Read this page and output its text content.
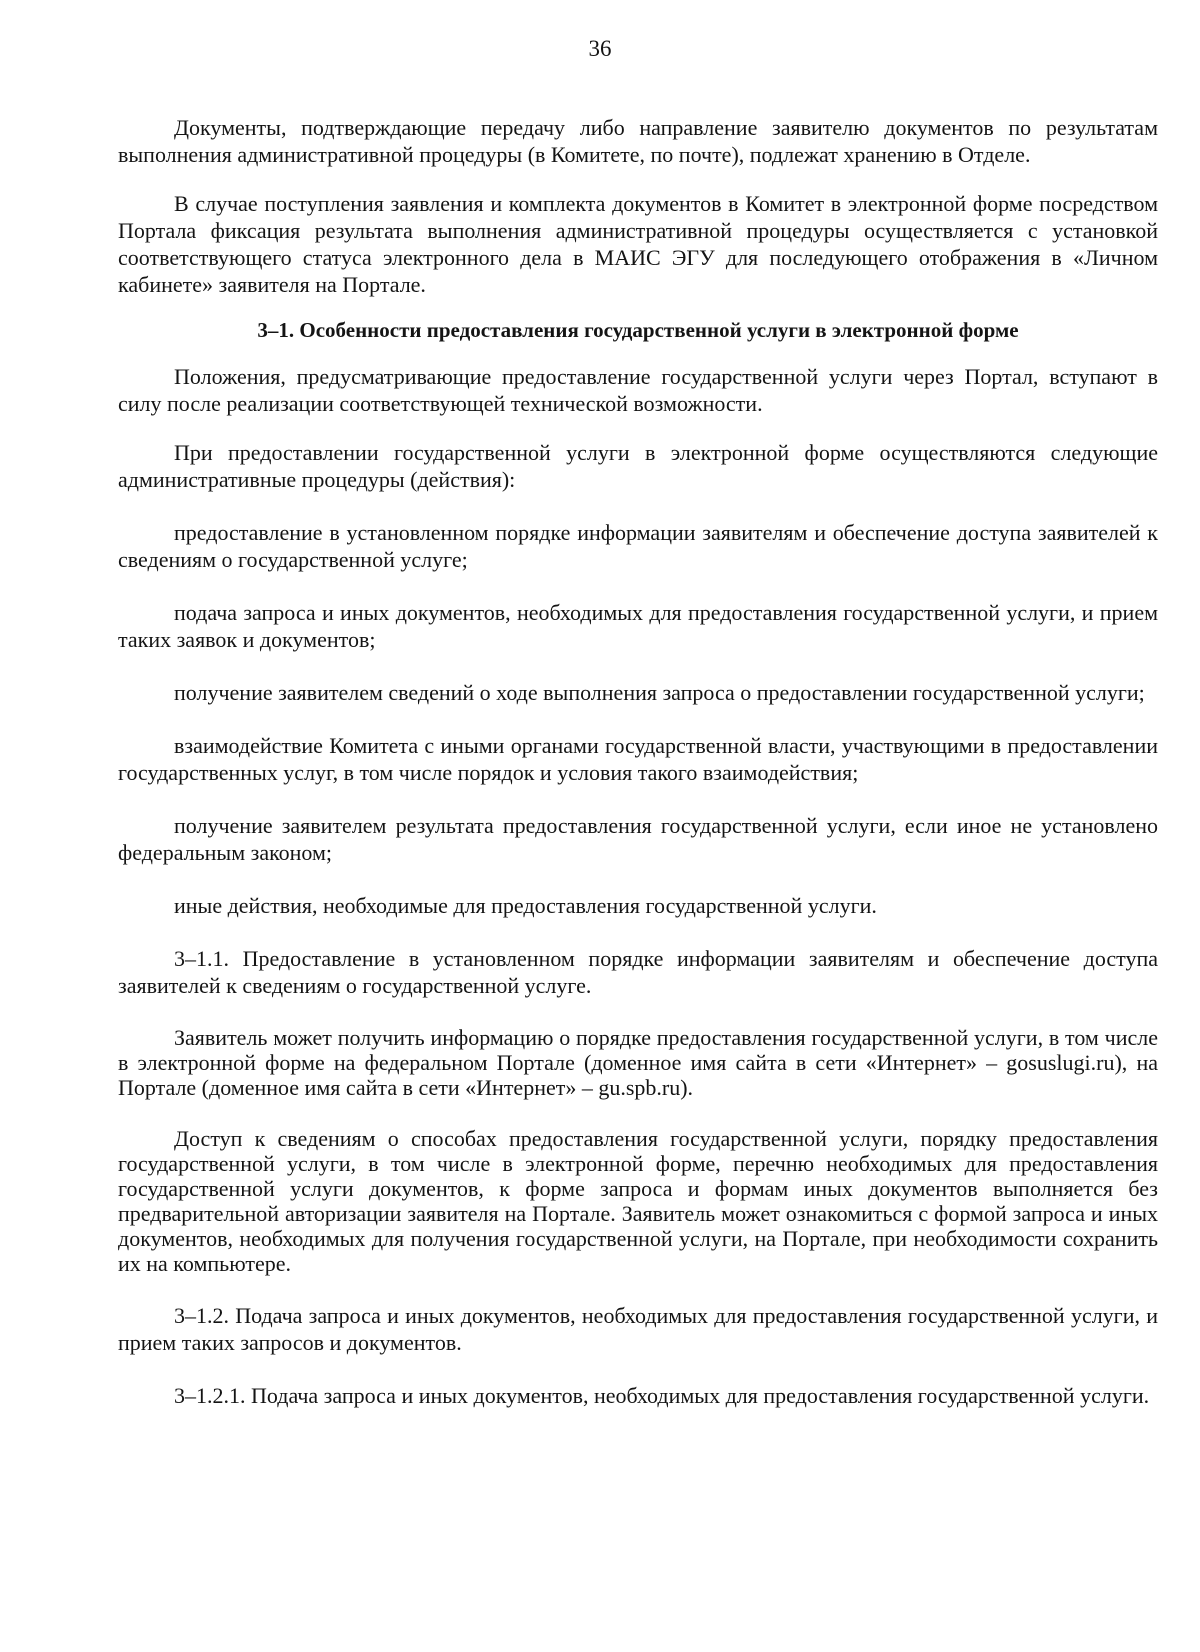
36

Документы, подтверждающие передачу либо направление заявителю документов по результатам выполнения административной процедуры (в Комитете, по почте), подлежат хранению в Отделе.

В случае поступления заявления и комплекта документов в Комитет в электронной форме посредством Портала фиксация результата выполнения административной процедуры осуществляется с установкой соответствующего статуса электронного дела в МАИС ЭГУ для последующего отображения в «Личном кабинете» заявителя на Портале.

3–1. Особенности предоставления государственной услуги в электронной форме

Положения, предусматривающие предоставление государственной услуги через Портал, вступают в силу после реализации соответствующей технической возможности.

При предоставлении государственной услуги в электронной форме осуществляются следующие административные процедуры (действия):

предоставление в установленном порядке информации заявителям и обеспечение доступа заявителей к сведениям о государственной услуге;

подача запроса и иных документов, необходимых для предоставления государственной услуги, и прием таких заявок и документов;

получение заявителем сведений о ходе выполнения запроса о предоставлении государственной услуги;

взаимодействие Комитета с иными органами государственной власти, участвующими в предоставлении государственных услуг, в том числе порядок и условия такого взаимодействия;

получение заявителем результата предоставления государственной услуги, если иное не установлено федеральным законом;

иные действия, необходимые для предоставления государственной услуги.

3–1.1. Предоставление в установленном порядке информации заявителям и обеспечение доступа заявителей к сведениям о государственной услуге.

Заявитель может получить информацию о порядке предоставления государственной услуги, в том числе в электронной форме на федеральном Портале (доменное имя сайта в сети «Интернет» – gosuslugi.ru), на Портале (доменное имя сайта в сети «Интернет» – gu.spb.ru).

Доступ к сведениям о способах предоставления государственной услуги, порядку предоставления государственной услуги, в том числе в электронной форме, перечню необходимых для предоставления государственной услуги документов, к форме запроса и формам иных документов выполняется без предварительной авторизации заявителя на Портале. Заявитель может ознакомиться с формой запроса и иных документов, необходимых для получения государственной услуги, на Портале, при необходимости сохранить их на компьютере.

3–1.2. Подача запроса и иных документов, необходимых для предоставления государственной услуги, и прием таких запросов и документов.

3–1.2.1. Подача запроса и иных документов, необходимых для предоставления государственной услуги.
